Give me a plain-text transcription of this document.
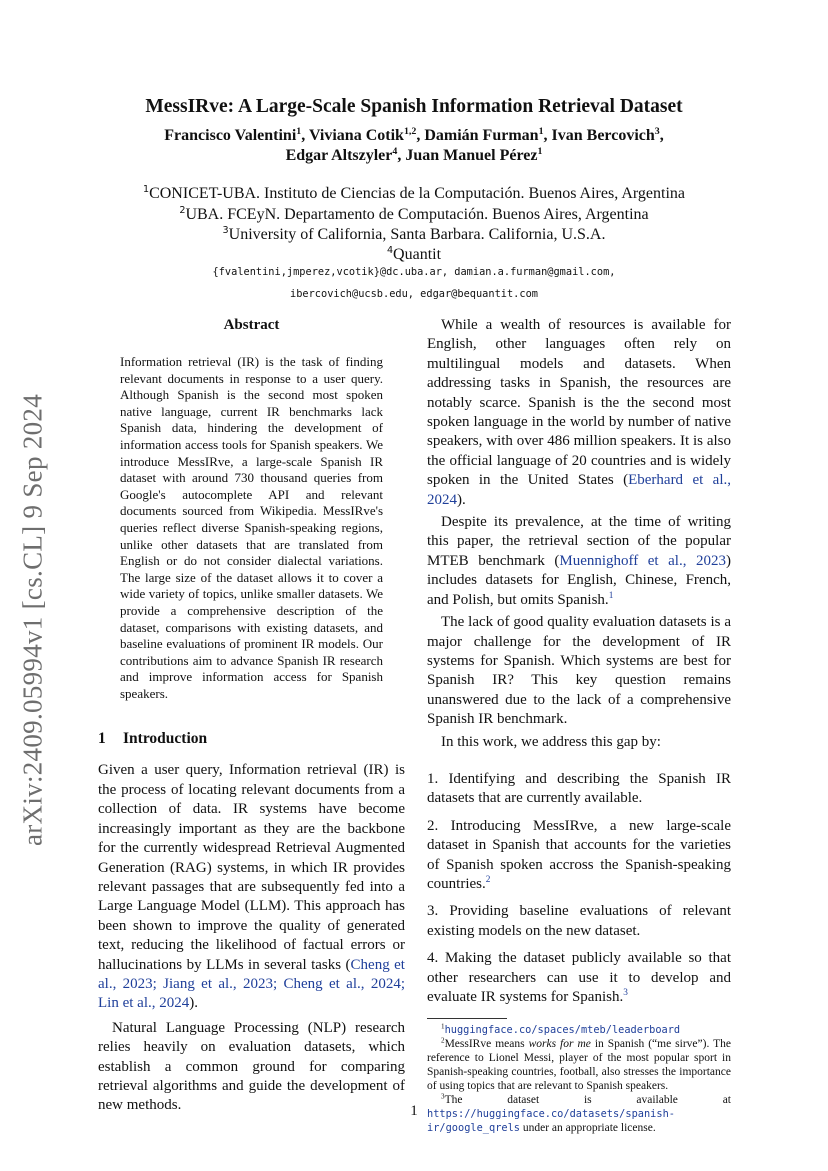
arXiv:2409.05994v1 [cs.CL] 9 Sep 2024
MessIRve: A Large-Scale Spanish Information Retrieval Dataset
Francisco Valentini$^1$, Viviana Cotik$^{1,2}$, Damián Furman$^1$, Ivan Bercovich$^3$,
Edgar Altszyler$^4$, Juan Manuel Pérez$^1$
$^1$CONICET-UBA. Instituto de Ciencias de la Computación. Buenos Aires, Argentina
$^2$UBA. FCEyN. Departamento de Computación. Buenos Aires, Argentina
$^3$University of California, Santa Barbara. California, U.S.A.
$^4$Quantit
{fvalentini,jmperez,vcotik}@dc.uba.ar, damian.a.furman@gmail.com,
ibercovich@ucsb.edu, edgar@bequantit.com
Abstract

Information retrieval (IR) is the task of finding relevant documents in response to a user query. Although Spanish is the second most spoken native language, current IR benchmarks lack Spanish data, hindering the development of information access tools for Spanish speakers. We introduce MessIRve, a large-scale Spanish IR dataset with around 730 thousand queries from Google's autocomplete API and relevant documents sourced from Wikipedia. MessIRve's queries reflect diverse Spanish-speaking regions, unlike other datasets that are translated from English or do not consider dialectal variations. The large size of the dataset allows it to cover a wide variety of topics, unlike smaller datasets. We provide a comprehensive description of the dataset, comparisons with existing datasets, and baseline evaluations of prominent IR models. Our contributions aim to advance Spanish IR research and improve information access for Spanish speakers.

1 Introduction

Given a user query, Information retrieval (IR) is the process of locating relevant documents from a collection of data. IR systems have become increasingly important as they are the backbone for the currently widespread Retrieval Augmented Generation (RAG) systems, in which IR provides relevant passages that are subsequently fed into a Large Language Model (LLM). This approach has been shown to improve the quality of generated text, reducing the likelihood of factual errors or hallucinations by LLMs in several tasks (Cheng et al., 2023; Jiang et al., 2023; Cheng et al., 2024; Lin et al., 2024).

Natural Language Processing (NLP) research relies heavily on evaluation datasets, which establish a common ground for comparing retrieval algorithms and guide the development of new methods.

While a wealth of resources is available for English, other languages often rely on multilingual models and datasets. When addressing tasks in Spanish, the resources are notably scarce. Spanish is the the second most spoken language in the world by number of native speakers, with over 486 million speakers. It is also the official language of 20 countries and is widely spoken in the United States (Eberhard et al., 2024).

Despite its prevalence, at the time of writing this paper, the retrieval section of the popular MTEB benchmark (Muennighoff et al., 2023) includes datasets for English, Chinese, French, and Polish, but omits Spanish.$^1$

The lack of good quality evaluation datasets is a major challenge for the development of IR systems for Spanish. Which systems are best for Spanish IR? This key question remains unanswered due to the lack of a comprehensive Spanish IR benchmark.

In this work, we address this gap by:

1. Identifying and describing the Spanish IR datasets that are currently available.

2. Introducing MessIRve, a new large-scale dataset in Spanish that accounts for the varieties of Spanish spoken accross the Spanish-speaking countries.$^2$

3. Providing baseline evaluations of relevant existing models on the new dataset.

4. Making the dataset publicly available so that other researchers can use it to develop and evaluate IR systems for Spanish.$^3$

$^1$huggingface.co/spaces/mteb/leaderboard

$^2$MessIRve means works for me in Spanish (“me sirve”). The reference to Lionel Messi, player of the most popular sport in Spanish-speaking countries, football, also stresses the importance of using topics that are relevant to Spanish speakers.

$^3$The dataset is available at https://huggingface.co/datasets/spanish-ir/google_qrels under an appropriate license.

1
